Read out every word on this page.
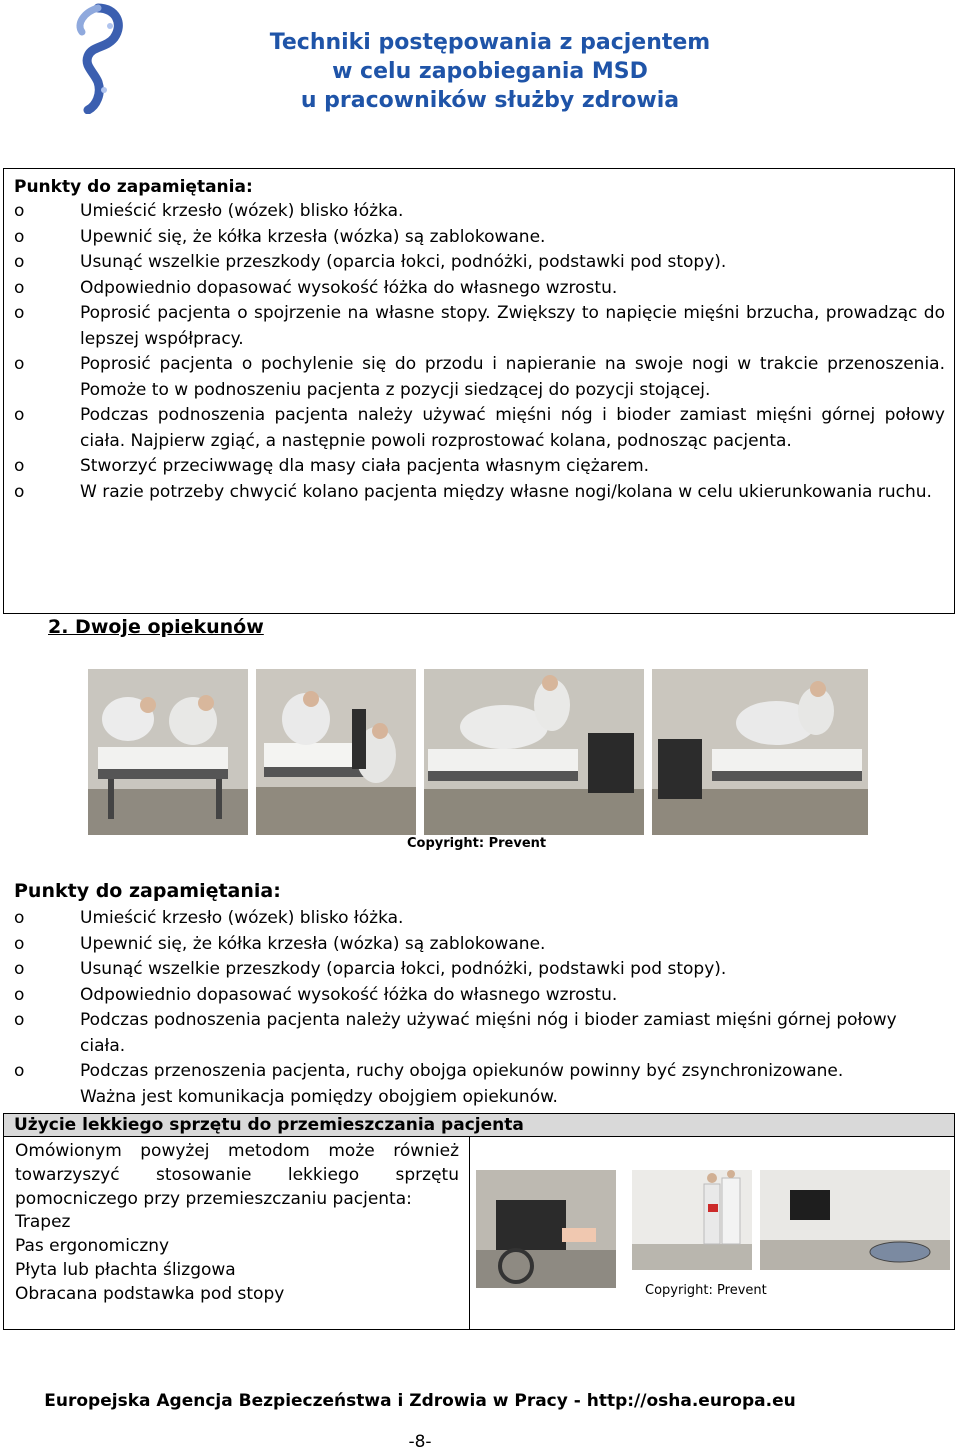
Techniki postępowania z pacjentem
w celu zapobiegania MSD
u pracowników służby zdrowia
Punkty do zapamiętania:
o	Umieścić krzesło (wózek) blisko łóżka.
o	Upewnić się, że kółka krzesła (wózka) są zablokowane.
o	Usunąć wszelkie przeszkody (oparcia łokci, podnóżki, podstawki pod stopy).
o	Odpowiednio dopasować wysokość łóżka do własnego wzrostu.
o	Poprosić pacjenta o spojrzenie na własne stopy. Zwiększy to napięcie mięśni brzucha, prowadząc do lepszej współpracy.
o	Poprosić pacjenta o pochylenie się do przodu i napieranie na swoje nogi w trakcie przenoszenia. Pomoże to w podnoszeniu pacjenta z pozycji siedzącej do pozycji stojącej.
o	Podczas podnoszenia pacjenta należy używać mięśni nóg i bioder zamiast mięśni górnej połowy ciała. Najpierw zgiąć, a następnie powoli rozprostować kolana, podnosząc pacjenta.
o	Stworzyć przeciwwagę dla masy ciała pacjenta własnym ciężarem.
o	W razie potrzeby chwycić kolano pacjenta między własne nogi/kolana w celu ukierunkowania ruchu.
2. Dwoje opiekunów
Copyright: Prevent
Punkty do zapamiętania:
o	Umieścić krzesło (wózek) blisko łóżka.
o	Upewnić się, że kółka krzesła (wózka) są zablokowane.
o	Usunąć wszelkie przeszkody (oparcia łokci, podnóżki, podstawki pod stopy).
o	Odpowiednio dopasować wysokość łóżka do własnego wzrostu.
o	Podczas podnoszenia pacjenta należy używać mięśni nóg i bioder zamiast mięśni górnej połowy ciała.
o	Podczas przenoszenia pacjenta, ruchy obojga opiekunów powinny być zsynchronizowane. Ważna jest komunikacja pomiędzy obojgiem opiekunów.
Użycie lekkiego sprzętu do przemieszczania pacjenta
Omówionym powyżej metodom może również towarzyszyć stosowanie lekkiego sprzętu pomocniczego przy przemieszczaniu pacjenta:
Trapez
Pas ergonomiczny
Płyta lub płachta ślizgowa
Obracana podstawka pod stopy	Copyright: Prevent
Europejska Agencja Bezpieczeństwa i Zdrowia w Pracy - http://osha.europa.eu
-8-
